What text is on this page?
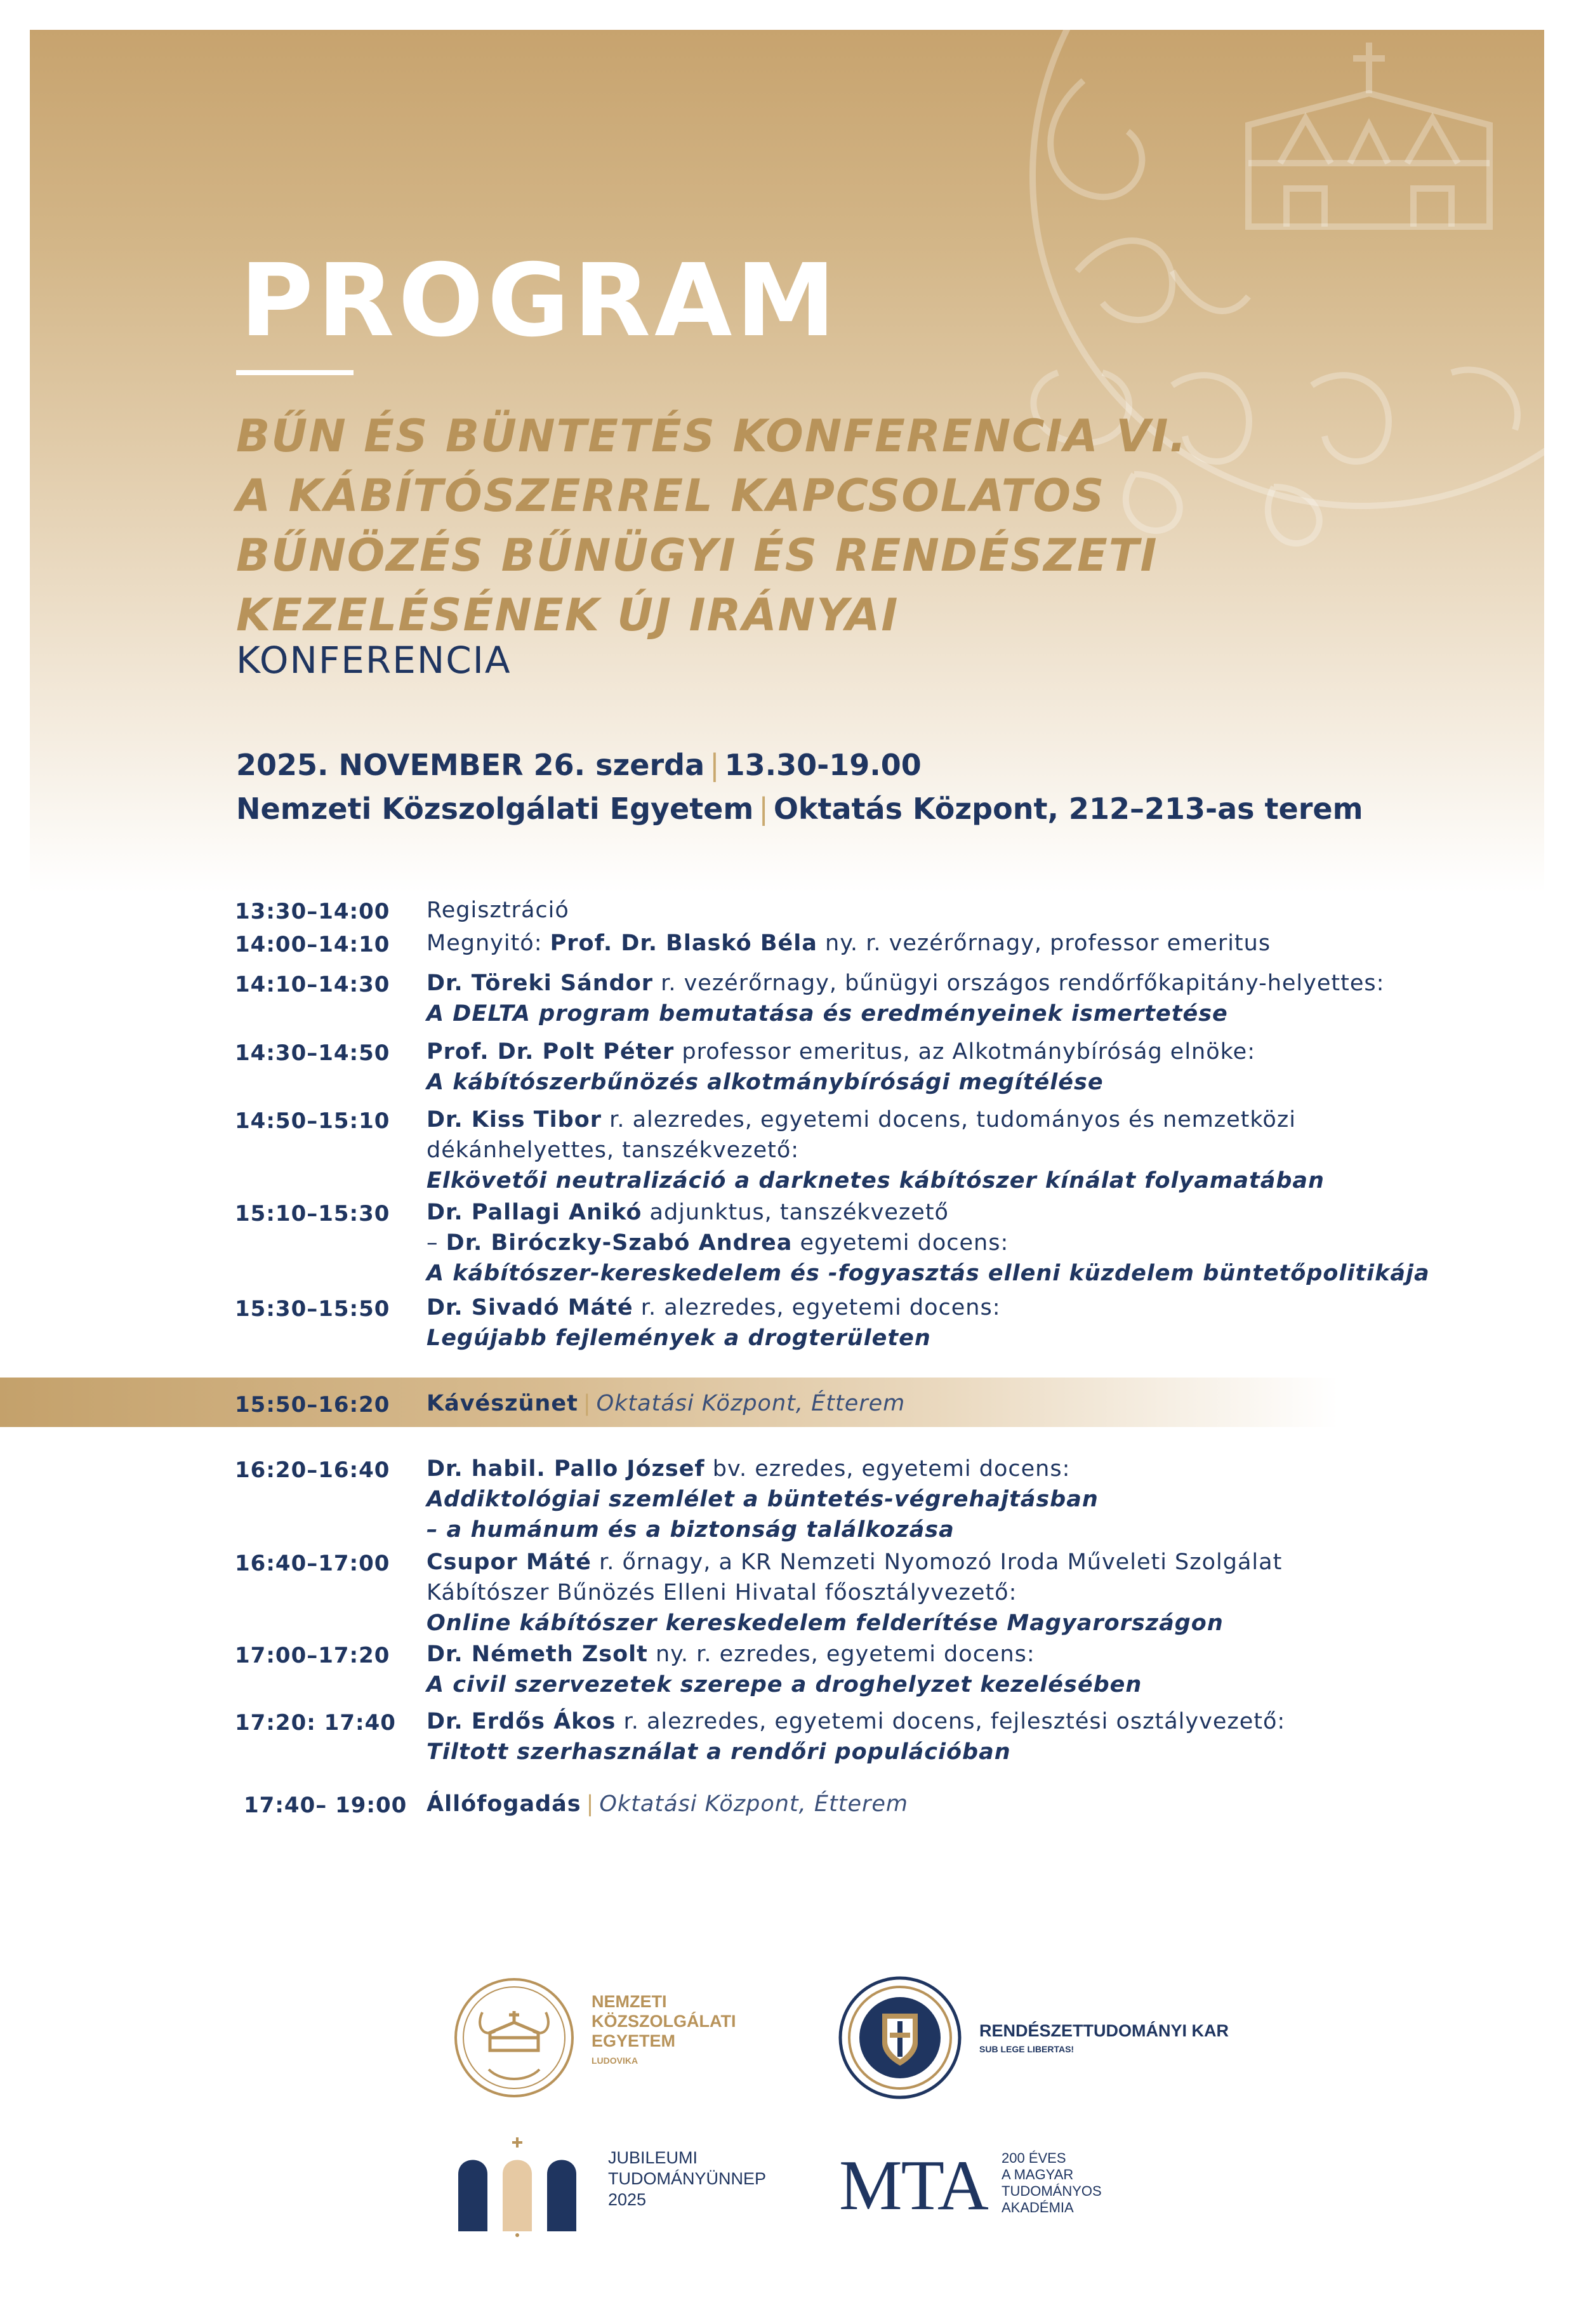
PROGRAM
BŰN ÉS BÜNTETÉS KONFERENCIA VI.
A KÁBÍTÓSZERREL KAPCSOLATOS
BŰNÖZÉS BŰNÜGYI ÉS RENDÉSZETI
KEZELÉSÉNEK ÚJ IRÁNYAI
KONFERENCIA
2025. NOVEMBER 26. szerda | 13.30-19.00
Nemzeti Közszolgálati Egyetem | Oktatás Központ, 212–213-as terem
13:30–14:00 Regisztráció
14:00–14:10 Megnyitó: Prof. Dr. Blaskó Béla ny. r. vezérőrnagy, professor emeritus
14:10–14:30 Dr. Töreki Sándor r. vezérőrnagy, bűnügyi országos rendőrfőkapitány-helyettes:
A DELTA program bemutatása és eredményeinek ismertetése
14:30–14:50 Prof. Dr. Polt Péter professor emeritus, az Alkotmánybíróság elnöke:
A kábítószerbűnözés alkotmánybírósági megítélése
14:50–15:10 Dr. Kiss Tibor r. alezredes, egyetemi docens, tudományos és nemzetközi
dékánhelyettes, tanszékvezető:
Elkövetői neutralizáció a darknetes kábítószer kínálat folyamatában
15:10–15:30 Dr. Pallagi Anikó adjunktus, tanszékvezető
– Dr. Biróczky-Szabó Andrea egyetemi docens:
A kábítószer-kereskedelem és -fogyasztás elleni küzdelem büntetőpolitikája
15:30–15:50 Dr. Sivadó Máté r. alezredes, egyetemi docens:
Legújabb fejlemények a drogterületen
15:50–16:20 Kávészünet | Oktatási Központ, Étterem
16:20–16:40 Dr. habil. Pallo József bv. ezredes, egyetemi docens:
Addiktológiai szemlélet a büntetés-végrehajtásban
– a humánum és a biztonság találkozása
16:40–17:00 Csupor Máté r. őrnagy, a KR Nemzeti Nyomozó Iroda Műveleti Szolgálat
Kábítószer Bűnözés Elleni Hivatal főosztályvezető:
Online kábítószer kereskedelem felderítése Magyarországon
17:00–17:20 Dr. Németh Zsolt ny. r. ezredes, egyetemi docens:
A civil szervezetek szerepe a droghelyzet kezelésében
17:20: 17:40 Dr. Erdős Ákos r. alezredes, egyetemi docens, fejlesztési osztályvezető:
Tiltott szerhasználat a rendőri populációban
17:40– 19:00 Állófogadás | Oktatási Központ, Étterem
NEMZETI
KÖZSZOLGÁLATI
EGYETEM
LUDOVIKA
RENDÉSZETTUDOMÁNYI KAR
SUB LEGE LIBERTAS!
JUBILEUMI
TUDOMÁNYÜNNEP
2025	MTA 200 ÉVES
A MAGYAR
TUDOMÁNYOS
AKADÉMIA
